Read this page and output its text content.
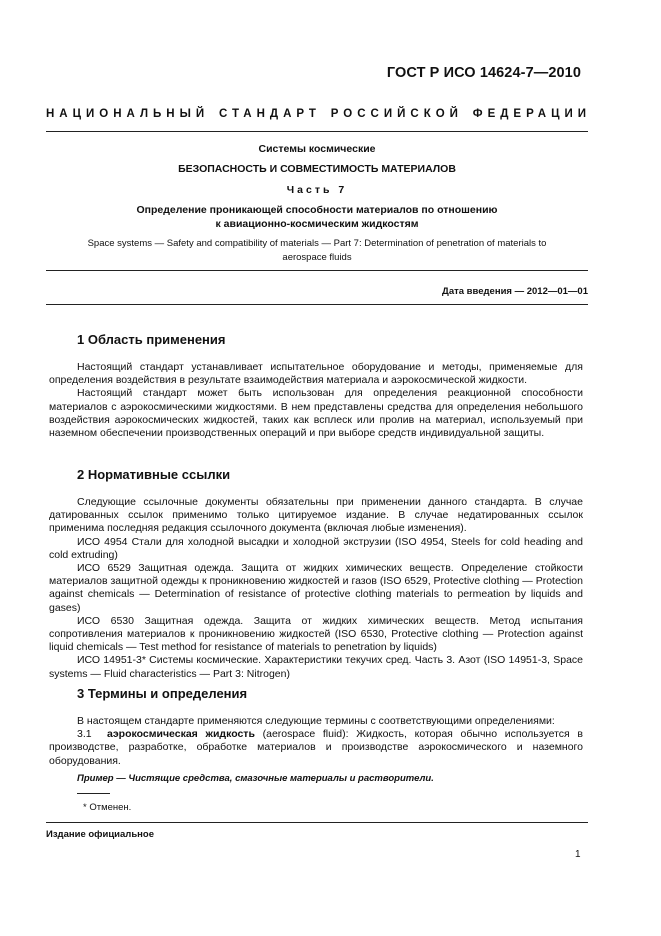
ГОСТ Р ИСО 14624-7—2010
НАЦИОНАЛЬНЫЙ СТАНДАРТ РОССИЙСКОЙ ФЕДЕРАЦИИ
Системы космические
БЕЗОПАСНОСТЬ И СОВМЕСТИМОСТЬ МАТЕРИАЛОВ
Часть 7
Определение проникающей способности материалов по отношению
к авиационно-космическим жидкостям
Space systems — Safety and compatibility of materials — Part 7: Determination of penetration of materials to
aerospace fluids
Дата введения — 2012—01—01
1 Область применения

Настоящий стандарт устанавливает испытательное оборудование и методы, применяемые для определения воздействия в результате взаимодействия материала и аэрокосмической жидкости.

Настоящий стандарт может быть использован для определения реакционной способности материалов с аэрокосмическими жидкостями. В нем представлены средства для определения небольшого воздействия аэрокосмических жидкостей, таких как всплеск или пролив на материал, используемый при наземном обеспечении производственных операций и при выборе средств индивидуальной защиты.

2 Нормативные ссылки

Следующие ссылочные документы обязательны при применении данного стандарта. В случае датированных ссылок применимо только цитируемое издание. В случае недатированных ссылок применима последняя редакция ссылочного документа (включая любые изменения).

ИСО 4954 Стали для холодной высадки и холодной экструзии (ISO 4954, Steels for cold heading and cold extruding)

ИСО 6529 Защитная одежда. Защита от жидких химических веществ. Определение стойкости материалов защитной одежды к проникновению жидкостей и газов (ISO 6529, Protective clothing — Protection against chemicals — Determination of resistance of protective clothing materials to permeation by liquids and gases)

ИСО 6530 Защитная одежда. Защита от жидких химических веществ. Метод испытания сопротивления материалов к проникновению жидкостей (ISO 6530, Protective clothing — Protection against liquid chemicals — Test method for resistance of materials to penetration by liquids)

ИСО 14951-3* Системы космические. Характеристики текучих сред. Часть 3. Азот (ISO 14951-3, Space systems — Fluid characteristics — Part 3: Nitrogen)

3 Термины и определения

В настоящем стандарте применяются следующие термины с соответствующими определениями:

3.1 аэрокосмическая жидкость (aerospace fluid): Жидкость, которая обычно используется в производстве, разработке, обработке материалов и производстве аэрокосмического и наземного оборудования.

Пример — Чистящие средства, смазочные материалы и растворители.
* Отменен.
Издание официальное
1
